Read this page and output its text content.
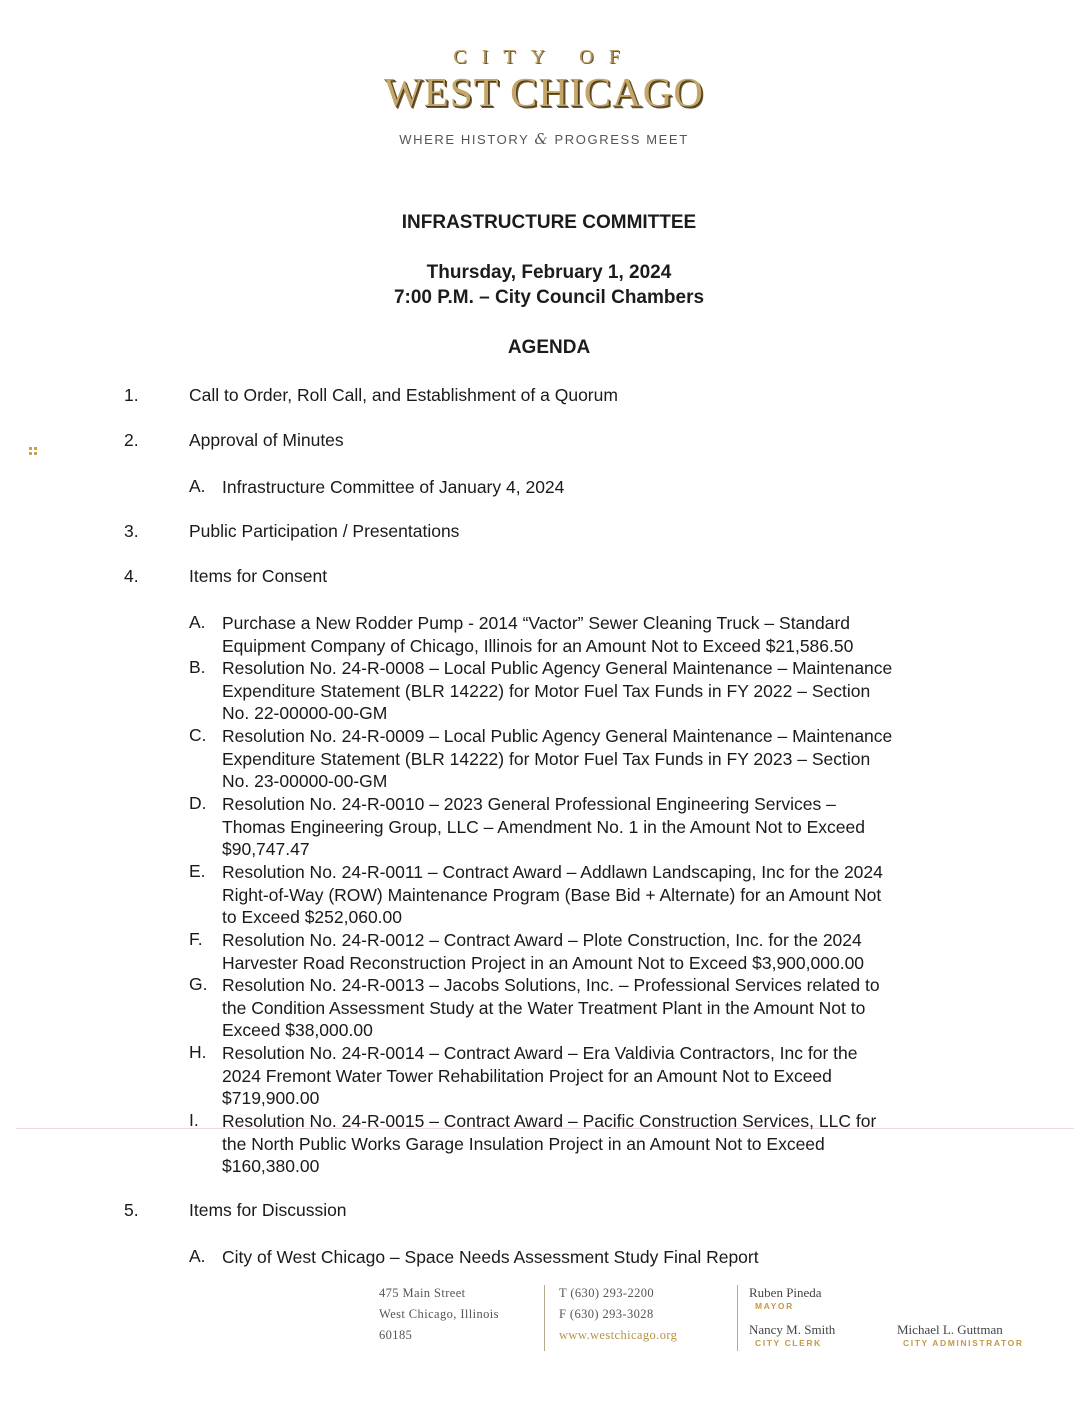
CITY OF
WEST CHICAGO
WHERE HISTORY & PROGRESS MEET
INFRASTRUCTURE COMMITTEE
Thursday, February 1, 2024
7:00 P.M. – City Council Chambers
AGENDA
1.	Call to Order, Roll Call, and Establishment of a Quorum
2.	Approval of Minutes
A. Infrastructure Committee of January 4, 2024
3.	Public Participation / Presentations
4.	Items for Consent
A. Purchase a New Rodder Pump - 2014 “Vactor” Sewer Cleaning Truck – Standard
Equipment Company of Chicago, Illinois for an Amount Not to Exceed $21,586.50
B. Resolution No. 24-R-0008 – Local Public Agency General Maintenance – Maintenance
Expenditure Statement (BLR 14222) for Motor Fuel Tax Funds in FY 2022 – Section
No. 22-00000-00-GM
C. Resolution No. 24-R-0009 – Local Public Agency General Maintenance – Maintenance
Expenditure Statement (BLR 14222) for Motor Fuel Tax Funds in FY 2023 – Section
No. 23-00000-00-GM
D. Resolution No. 24-R-0010 – 2023 General Professional Engineering Services –
Thomas Engineering Group, LLC – Amendment No. 1 in the Amount Not to Exceed
$90,747.47
E. Resolution No. 24-R-0011 – Contract Award – Addlawn Landscaping, Inc for the 2024
Right-of-Way (ROW) Maintenance Program (Base Bid + Alternate) for an Amount Not
to Exceed $252,060.00
F.	Resolution No. 24-R-0012 – Contract Award – Plote Construction, Inc. for the 2024
Harvester Road Reconstruction Project in an Amount Not to Exceed $3,900,000.00
G. Resolution No. 24-R-0013 – Jacobs Solutions, Inc. – Professional Services related to
the Condition Assessment Study at the Water Treatment Plant in the Amount Not to
Exceed $38,000.00
H. Resolution No. 24-R-0014 – Contract Award – Era Valdivia Contractors, Inc for the
2024 Fremont Water Tower Rehabilitation Project for an Amount Not to Exceed
$719,900.00
I.	Resolution No. 24-R-0015 – Contract Award – Pacific Construction Services, LLC for
the North Public Works Garage Insulation Project in an Amount Not to Exceed
$160,380.00
5.	Items for Discussion
A. City of West Chicago – Space Needs Assessment Study Final Report
475 Main Street
West Chicago, Illinois
60185
T (630) 293-2200
F (630) 293-3028
www.westchicago.org
Ruben Pineda
MAYOR
Nancy M. Smith
CITY CLERK
Michael L. Guttman
CITY ADMINISTRATOR
